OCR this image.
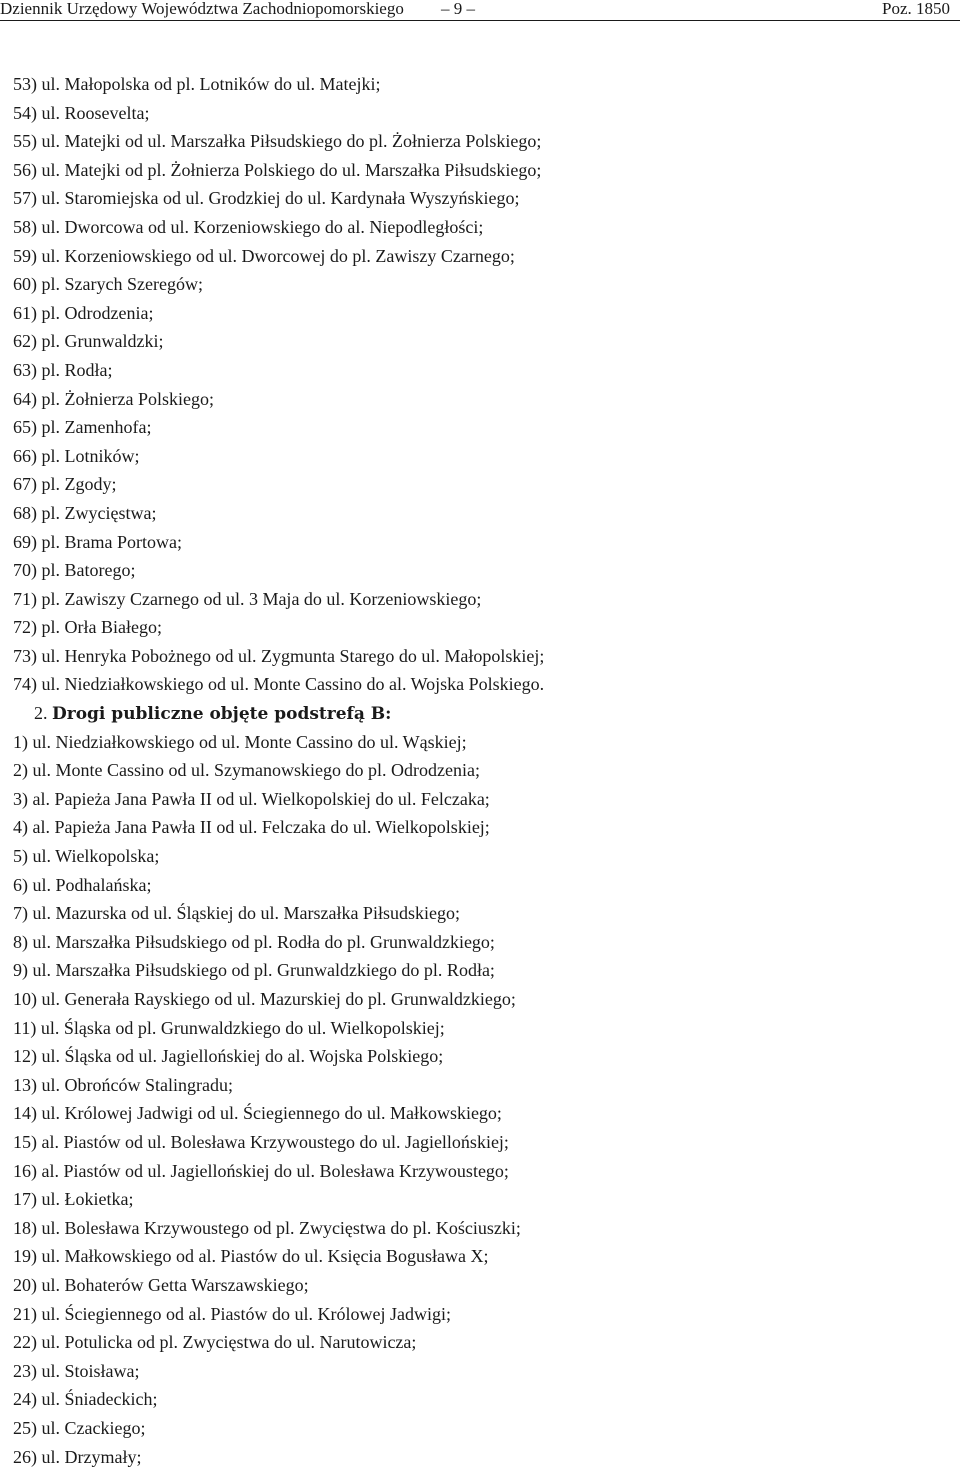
Dziennik Urzędowy Województwa Zachodniopomorskiego – 9 –	Poz. 1850
53) ul. Małopolska od pl. Lotników do ul. Matejki;
54) ul. Roosevelta;
55) ul. Matejki od ul. Marszałka Piłsudskiego do pl. Żołnierza Polskiego;
56) ul. Matejki od pl. Żołnierza Polskiego do ul. Marszałka Piłsudskiego;
57) ul. Staromiejska od ul. Grodzkiej do ul. Kardynała Wyszyńskiego;
58) ul. Dworcowa od ul. Korzeniowskiego do al. Niepodległości;
59) ul. Korzeniowskiego od ul. Dworcowej do pl. Zawiszy Czarnego;
60) pl. Szarych Szeregów;
61) pl. Odrodzenia;
62) pl. Grunwaldzki;
63) pl. Rodła;
64) pl. Żołnierza Polskiego;
65) pl. Zamenhofa;
66) pl. Lotników;
67) pl. Zgody;
68) pl. Zwycięstwa;
69) pl. Brama Portowa;
70) pl. Batorego;
71) pl. Zawiszy Czarnego od ul. 3 Maja do ul. Korzeniowskiego;
72) pl. Orła Białego;
73) ul. Henryka Pobożnego od ul. Zygmunta Starego do ul. Małopolskiej;
74) ul. Niedziałkowskiego od ul. Monte Cassino do al. Wojska Polskiego.
2. Drogi publiczne objęte podstrefą B:
1) ul. Niedziałkowskiego od ul. Monte Cassino do ul. Wąskiej;
2) ul. Monte Cassino od ul. Szymanowskiego do pl. Odrodzenia;
3) al. Papieża Jana Pawła II od ul. Wielkopolskiej do ul. Felczaka;
4) al. Papieża Jana Pawła II od ul. Felczaka do ul. Wielkopolskiej;
5) ul. Wielkopolska;
6) ul. Podhalańska;
7) ul. Mazurska od ul. Śląskiej do ul. Marszałka Piłsudskiego;
8) ul. Marszałka Piłsudskiego od pl. Rodła do pl. Grunwaldzkiego;
9) ul. Marszałka Piłsudskiego od pl. Grunwaldzkiego do pl. Rodła;
10) ul. Generała Rayskiego od ul. Mazurskiej do pl. Grunwaldzkiego;
11) ul. Śląska od pl. Grunwaldzkiego do ul. Wielkopolskiej;
12) ul. Śląska od ul. Jagiellońskiej do al. Wojska Polskiego;
13) ul. Obrońców Stalingradu;
14) ul. Królowej Jadwigi od ul. Ściegiennego do ul. Małkowskiego;
15) al. Piastów od ul. Bolesława Krzywoustego do ul. Jagiellońskiej;
16) al. Piastów od ul. Jagiellońskiej do ul. Bolesława Krzywoustego;
17) ul. Łokietka;
18) ul. Bolesława Krzywoustego od pl. Zwycięstwa do pl. Kościuszki;
19) ul. Małkowskiego od al. Piastów do ul. Księcia Bogusława X;
20) ul. Bohaterów Getta Warszawskiego;
21) ul. Ściegiennego od al. Piastów do ul. Królowej Jadwigi;
22) ul. Potulicka od pl. Zwycięstwa do ul. Narutowicza;
23) ul. Stoisława;
24) ul. Śniadeckich;
25) ul. Czackiego;
26) ul. Drzymały;
